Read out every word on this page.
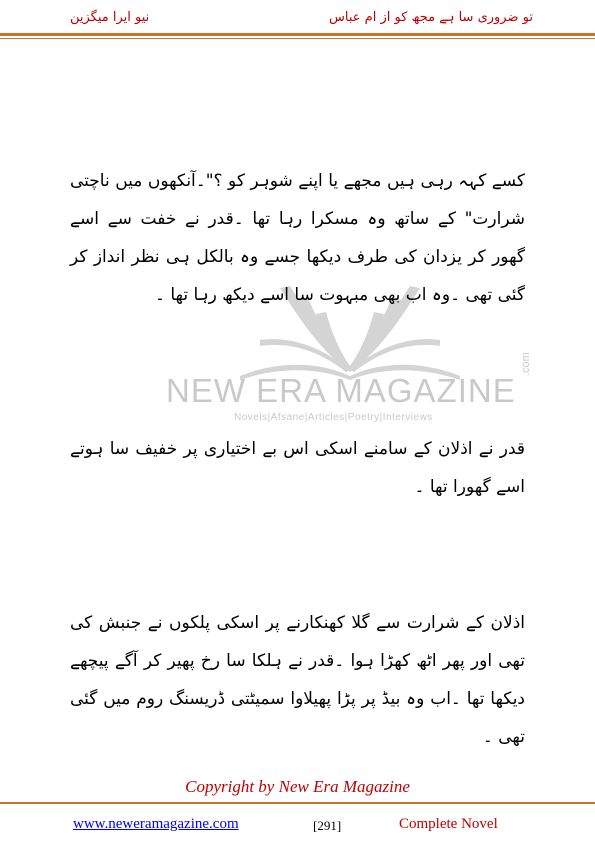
تو ضروری سا ہے مجھ کو از ام عباس
نیو ایرا میگزین
NEW ERA MAGAZINE
.com
Novels|Afsane|Articles|Poetry|Interviews
کسے کہہ رہی ہیں مجھے یا اپنے شوہر کو ؟"۔آنکھوں میں ناچتی شرارت" کے ساتھ وہ مسکرا رہا تھا ۔قدر نے خفت سے اسے گھور کر یزدان کی طرف دیکھا جسے وہ بالکل ہی نظر انداز کر گئی تھی ۔وہ اب بھی مبہوت سا اسے دیکھ رہا تھا ۔
قدر نے اذلان کے سامنے اسکی اس بے اختیاری پر خفیف سا ہوتے اسے گھورا تھا ۔
اذلان کے شرارت سے گلا کھنکارنے پر اسکی پلکوں نے جنبش کی تھی اور پھر اٹھ کھڑا ہوا ۔قدر نے ہلکا سا رخ پھیر کر آگے پیچھے دیکھا تھا ۔اب وہ بیڈ پر پڑا پھیلاوا سمیٹتی ڈریسنگ روم میں گئی تھی ۔
Copyright by New Era Magazine
www.neweramagazine.com	[291]	Complete Novel
